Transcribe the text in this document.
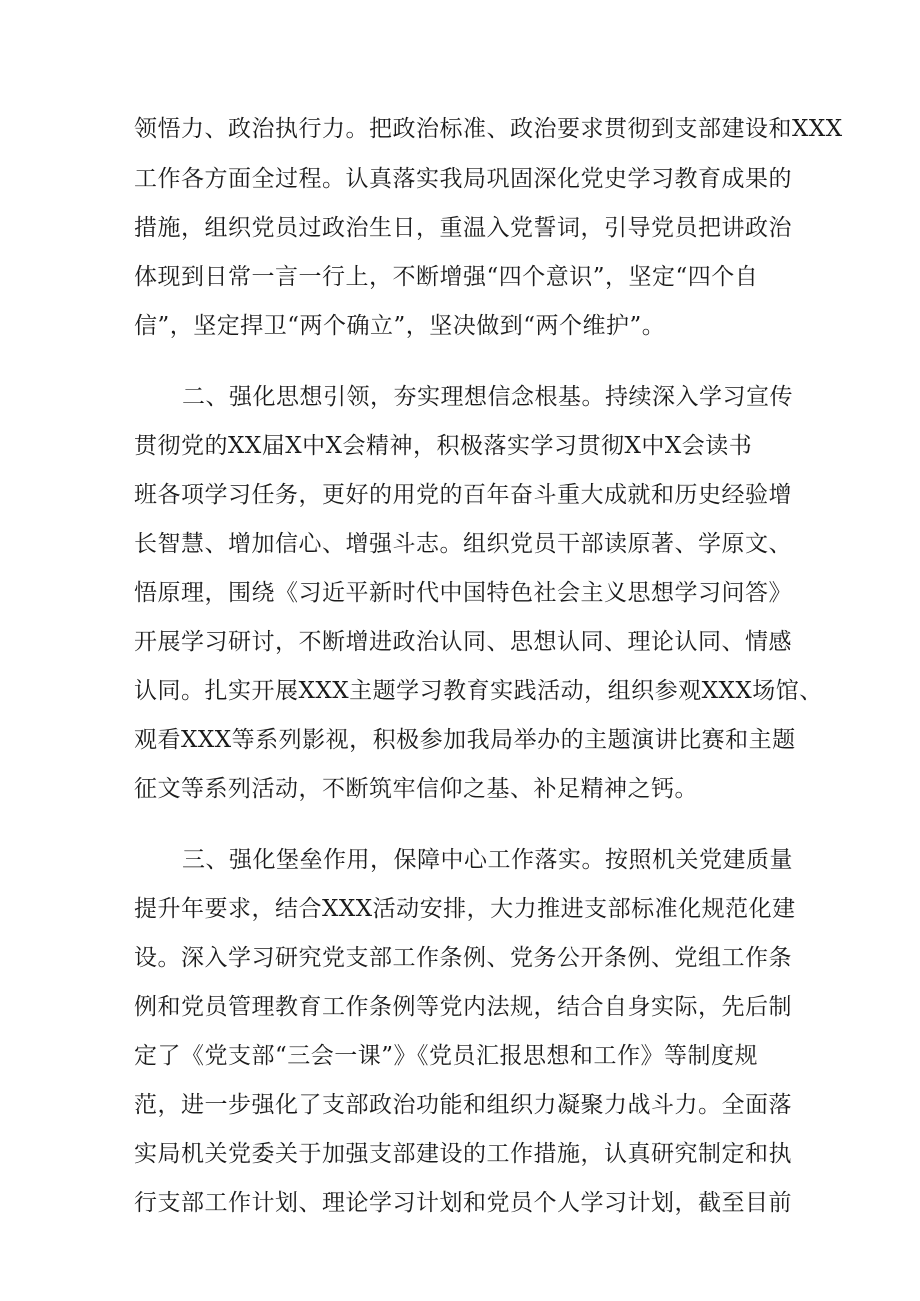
领悟力、政治执行力。把政治标准、政治要求贯彻到支部建设和XXX
工作各方面全过程。认真落实我局巩固深化党史学习教育成果的
措施，组织党员过政治生日，重温入党誓词，引导党员把讲政治
体现到日常一言一行上，不断增强“四个意识”，坚定“四个自
信”，坚定捍卫“两个确立”，坚决做到“两个维护”。
二、强化思想引领，夯实理想信念根基。持续深入学习宣传
贯彻党的XX届X中X会精神，积极落实学习贯彻X中X会读书
班各项学习任务，更好的用党的百年奋斗重大成就和历史经验增
长智慧、增加信心、增强斗志。组织党员干部读原著、学原文、
悟原理，围绕《习近平新时代中国特色社会主义思想学习问答》
开展学习研讨，不断增进政治认同、思想认同、理论认同、情感
认同。扎实开展XXX主题学习教育实践活动，组织参观XXX场馆、
观看XXX等系列影视，积极参加我局举办的主题演讲比赛和主题
征文等系列活动，不断筑牢信仰之基、补足精神之钙。
三、强化堡垒作用，保障中心工作落实。按照机关党建质量
提升年要求，结合XXX活动安排，大力推进支部标准化规范化建
设。深入学习研究党支部工作条例、党务公开条例、党组工作条
例和党员管理教育工作条例等党内法规，结合自身实际，先后制
定了《党支部“三会一课”》《党员汇报思想和工作》等制度规
范，进一步强化了支部政治功能和组织力凝聚力战斗力。全面落
实局机关党委关于加强支部建设的工作措施，认真研究制定和执
行支部工作计划、理论学习计划和党员个人学习计划，截至目前
